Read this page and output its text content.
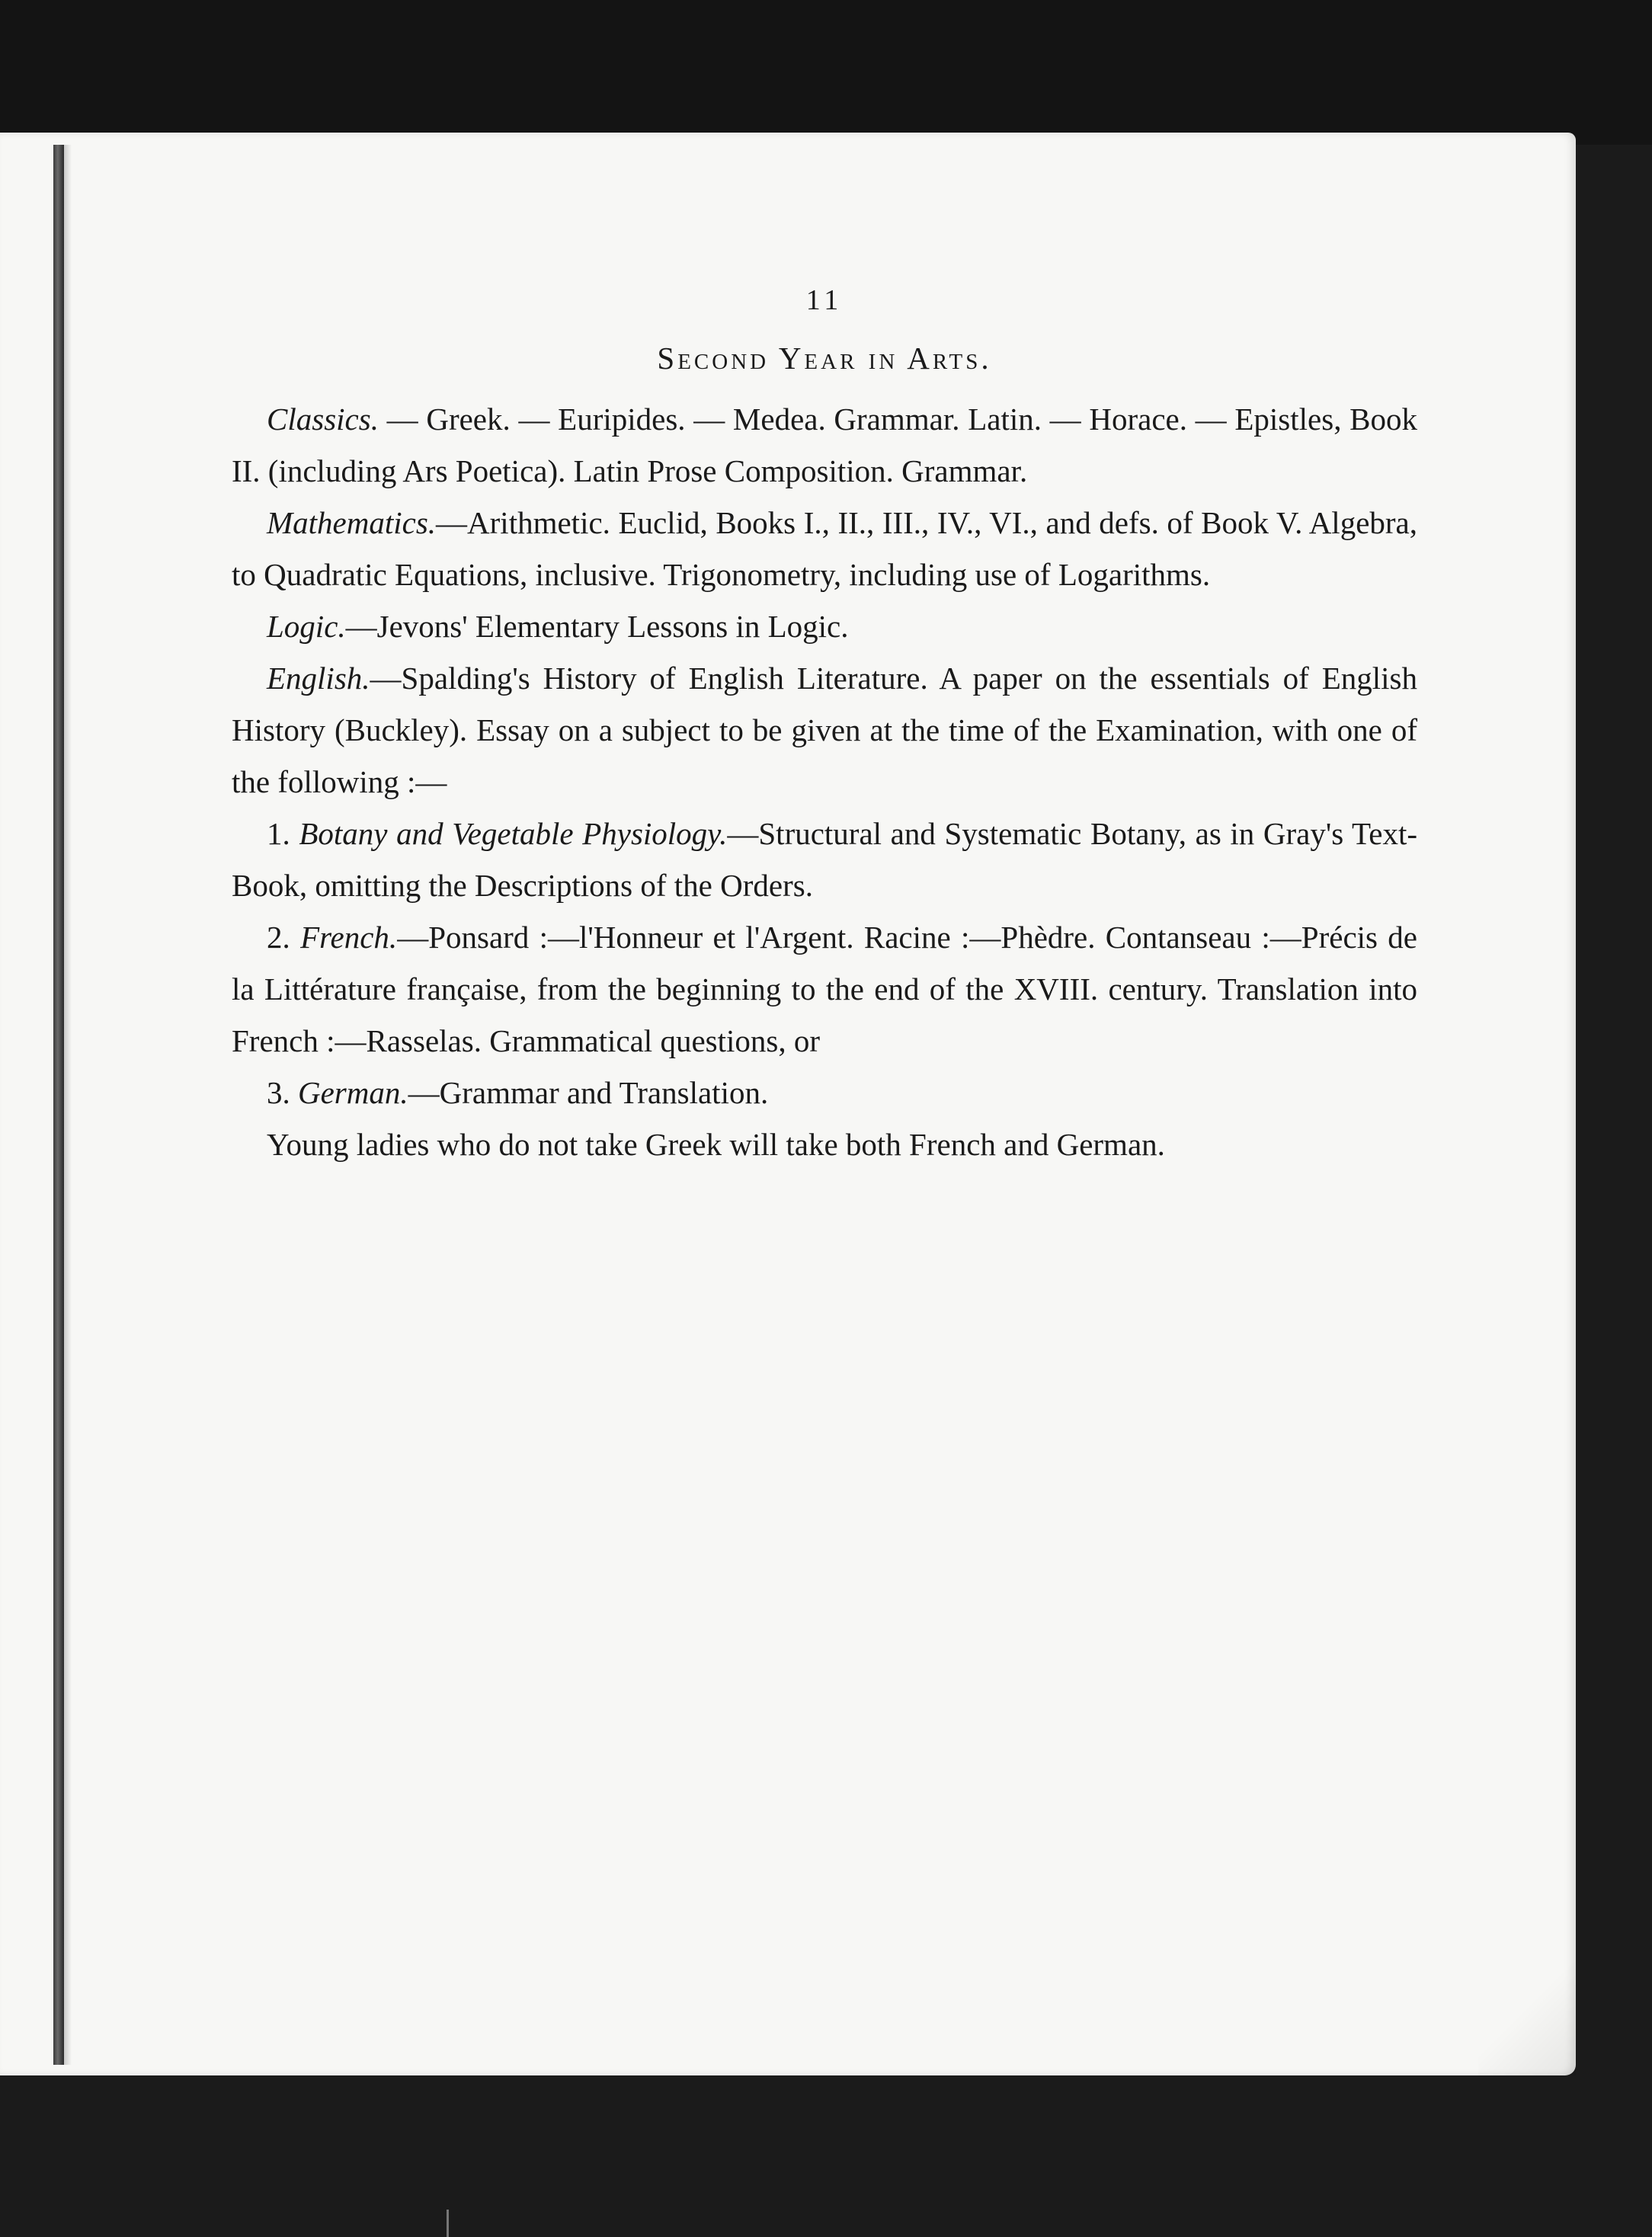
11
Second Year in Arts.

Classics. — Greek. — Euripides. — Medea. Grammar. Latin. — Horace. — Epistles, Book II. (including Ars Poetica). Latin Prose Composition. Grammar.

Mathematics.—Arithmetic. Euclid, Books I., II., III., IV., VI., and defs. of Book V. Algebra, to Quadratic Equations, inclusive. Trigonometry, including use of Logarithms.

Logic.—Jevons' Elementary Lessons in Logic.

English.—Spalding's History of English Literature. A paper on the essentials of English History (Buckley). Essay on a subject to be given at the time of the Examination, with one of the following :—

1. Botany and Vegetable Physiology.—Structural and Systematic Botany, as in Gray's Text-Book, omitting the Descriptions of the Orders.

2. French.—Ponsard :—l'Honneur et l'Argent. Racine :—Phèdre. Contanseau :—Précis de la Littérature française, from the beginning to the end of the XVIII. century. Translation into French :—Rasselas. Grammatical questions, or

3. German.—Grammar and Translation.

Young ladies who do not take Greek will take both French and German.
